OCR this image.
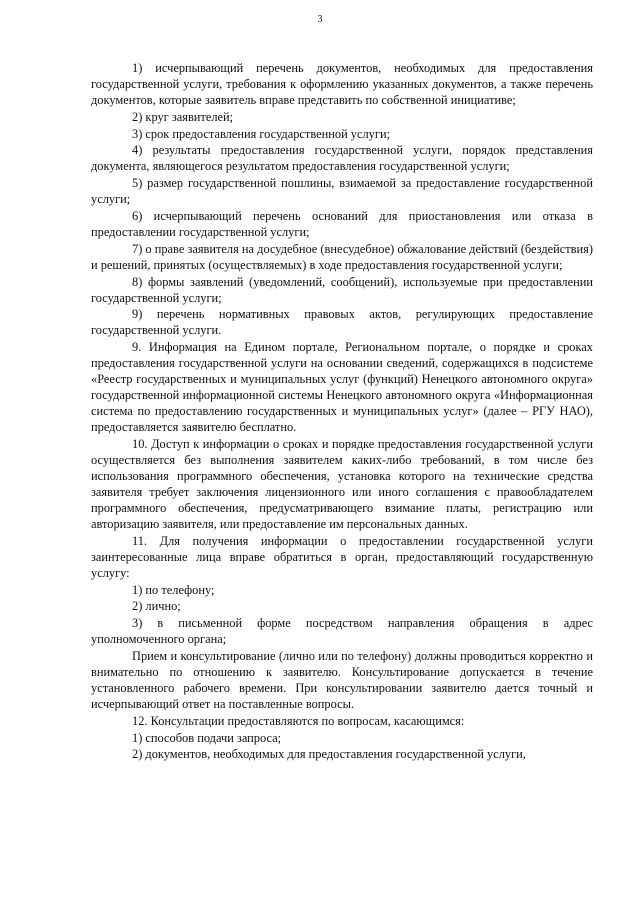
3

1) исчерпывающий перечень документов, необходимых для предоставления государственной услуги, требования к оформлению указанных документов, а также перечень документов, которые заявитель вправе представить по собственной инициативе;

2) круг заявителей;

3) срок предоставления государственной услуги;

4) результаты предоставления государственной услуги, порядок представления документа, являющегося результатом предоставления государственной услуги;

5) размер государственной пошлины, взимаемой за предоставление государственной услуги;

6) исчерпывающий перечень оснований для приостановления или отказа в предоставлении государственной услуги;

7) о праве заявителя на досудебное (внесудебное) обжалование действий (бездействия) и решений, принятых (осуществляемых) в ходе предоставления государственной услуги;

8) формы заявлений (уведомлений, сообщений), используемые при предоставлении государственной услуги;

9) перечень нормативных правовых актов, регулирующих предоставление государственной услуги.

9. Информация на Едином портале, Региональном портале, о порядке и сроках предоставления государственной услуги на основании сведений, содержащихся в подсистеме «Реестр государственных и муниципальных услуг (функций) Ненецкого автономного округа» государственной информационной системы Ненецкого автономного округа «Информационная система по предоставлению государственных и муниципальных услуг» (далее – РГУ НАО), предоставляется заявителю бесплатно.

10. Доступ к информации о сроках и порядке предоставления государственной услуги осуществляется без выполнения заявителем каких-либо требований, в том числе без использования программного обеспечения, установка которого на технические средства заявителя требует заключения лицензионного или иного соглашения с правообладателем программного обеспечения, предусматривающего взимание платы, регистрацию или авторизацию заявителя, или предоставление им персональных данных.

11. Для получения информации о предоставлении государственной услуги заинтересованные лица вправе обратиться в орган, предоставляющий государственную услугу:

1) по телефону;

2) лично;

3) в письменной форме посредством направления обращения в адрес уполномоченного органа;

Прием и консультирование (лично или по телефону) должны проводиться корректно и внимательно по отношению к заявителю. Консультирование допускается в течение установленного рабочего времени. При консультировании заявителю дается точный и исчерпывающий ответ на поставленные вопросы.

12. Консультации предоставляются по вопросам, касающимся:

1) способов подачи запроса;

2) документов, необходимых для предоставления государственной услуги,
